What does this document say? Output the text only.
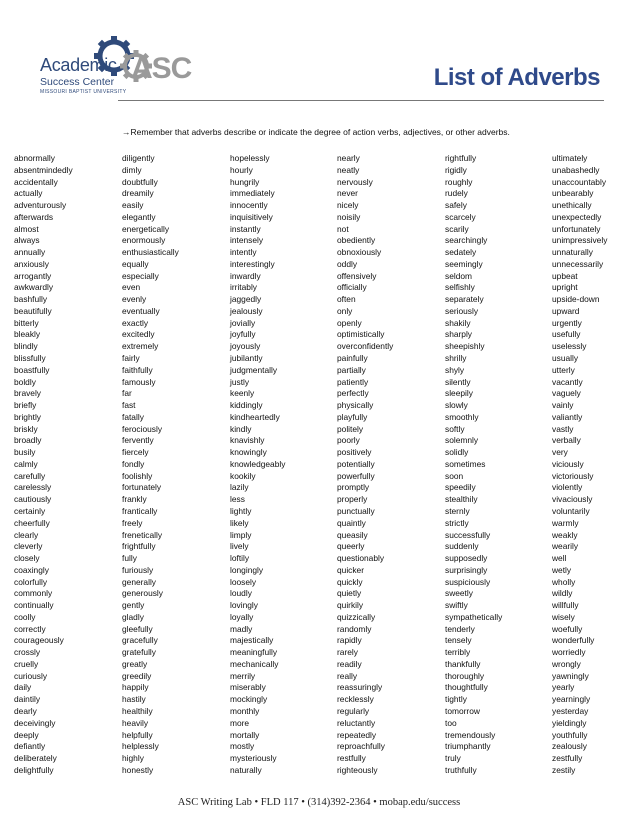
Academic ASC
Success Center
MISSOURI BAPTIST UNIVERSITY
List of Adverbs
→Remember that adverbs describe or indicate the degree of action verbs, adjectives, or other adverbs.
abnormally
absentmindedly
accidentally
actually
adventurously
afterwards
almost
always
annually
anxiously
arrogantly
awkwardly
bashfully
beautifully
bitterly
bleakly
blindly
blissfully
boastfully
boldly
bravely
briefly
brightly
briskly
broadly
busily
calmly
carefully
carelessly
cautiously
certainly
cheerfully
clearly
cleverly
closely
coaxingly
colorfully
commonly
continually
coolly
correctly
courageously
crossly
cruelly
curiously
daily
daintily
dearly
deceivingly
deeply
defiantly
deliberately
delightfully
diligently
dimly
doubtfully
dreamily
easily
elegantly
energetically
enormously
enthusiastically
equally
especially
even
evenly
eventually
exactly
excitedly
extremely
fairly
faithfully
famously
far
fast
fatally
ferociously
fervently
fiercely
fondly
foolishly
fortunately
frankly
frantically
freely
frenetically
frightfully
fully
furiously
generally
generously
gently
gladly
gleefully
gracefully
gratefully
greatly
greedily
happily
hastily
healthily
heavily
helpfully
helplessly
highly
honestly
hopelessly
hourly
hungrily
immediately
innocently
inquisitively
instantly
intensely
intently
interestingly
inwardly
irritably
jaggedly
jealously
jovially
joyfully
joyously
jubilantly
judgmentally
justly
keenly
kiddingly
kindheartedly
kindly
knavishly
knowingly
knowledgeably
kookily
lazily
less
lightly
likely
limply
lively
loftily
longingly
loosely
loudly
lovingly
loyally
madly
majestically
meaningfully
mechanically
merrily
miserably
mockingly
monthly
more
mortally
mostly
mysteriously
naturally
nearly
neatly
nervously
never
nicely
noisily
not
obediently
obnoxiously
oddly
offensively
officially
often
only
openly
optimistically
overconfidently
painfully
partially
patiently
perfectly
physically
playfully
politely
poorly
positively
potentially
powerfully
promptly
properly
punctually
quaintly
queasily
queerly
questionably
quicker
quickly
quietly
quirkily
quizzically
randomly
rapidly
rarely
readily
really
reassuringly
recklessly
regularly
reluctantly
repeatedly
reproachfully
restfully
righteously
rightfully
rigidly
roughly
rudely
safely
scarcely
scarily
searchingly
sedately
seemingly
seldom
selfishly
separately
seriously
shakily
sharply
sheepishly
shrilly
shyly
silently
sleepily
slowly
smoothly
softly
solemnly
solidly
sometimes
soon
speedily
stealthily
sternly
strictly
successfully
suddenly
supposedly
surprisingly
suspiciously
sweetly
swiftly
sympathetically
tenderly
tensely
terribly
thankfully
thoroughly
thoughtfully
tightly
tomorrow
too
tremendously
triumphantly
truly
truthfully
ultimately
unabashedly
unaccountably
unbearably
unethically
unexpectedly
unfortunately
unimpressively
unnaturally
unnecessarily
upbeat
upright
upside-down
upward
urgently
usefully
uselessly
usually
utterly
vacantly
vaguely
vainly
valiantly
vastly
verbally
very
viciously
victoriously
violently
vivaciously
voluntarily
warmly
weakly
wearily
well
wetly
wholly
wildly
willfully
wisely
woefully
wonderfully
worriedly
wrongly
yawningly
yearly
yearningly
yesterday
yieldingly
youthfully
zealously
zestfully
zestily
ASC Writing Lab • FLD 117 • (314)392-2364 • mobap.edu/success
